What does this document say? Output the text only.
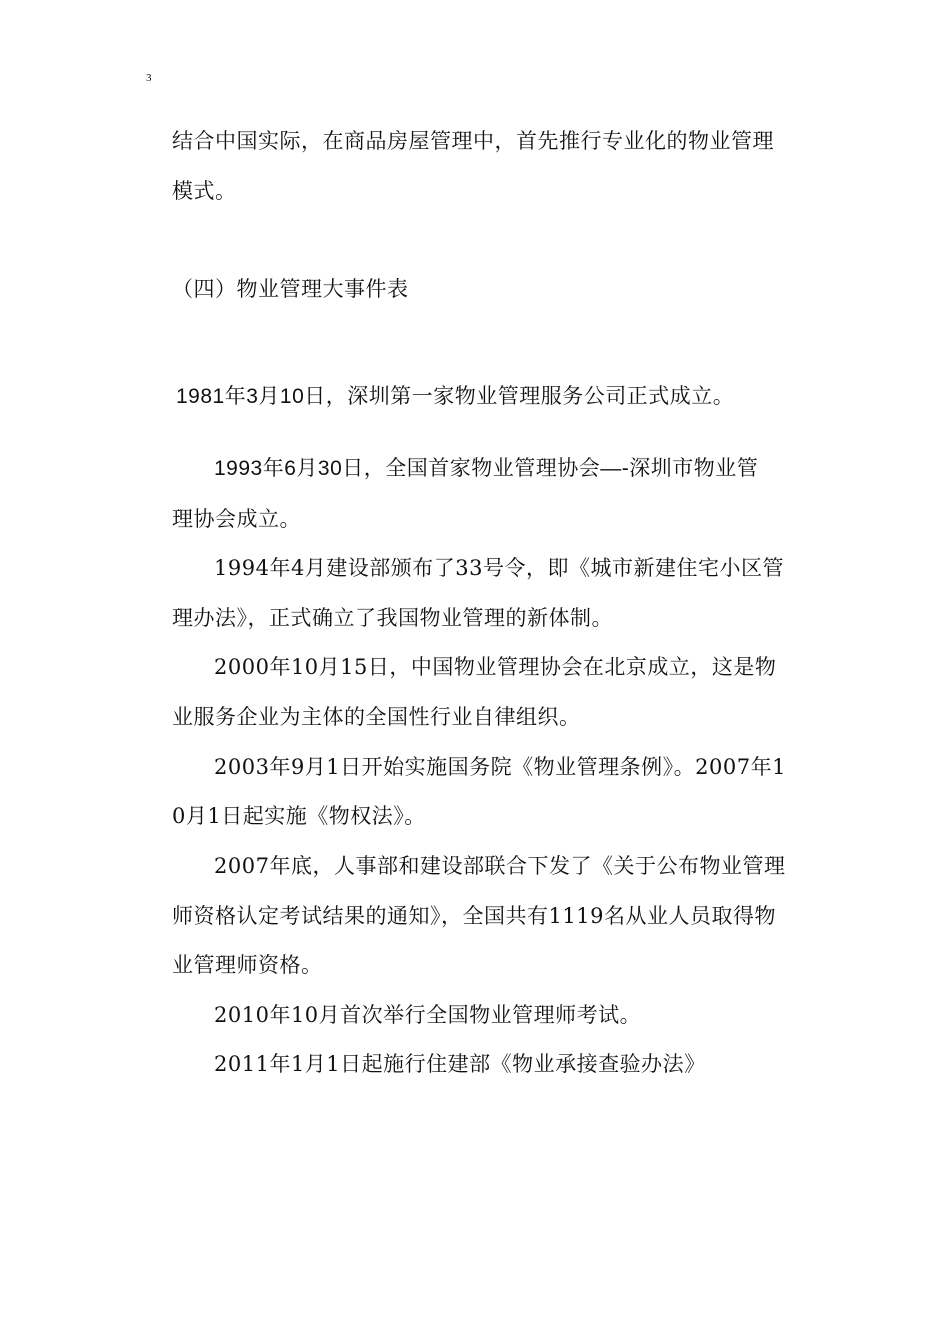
3
结合中国实际，在商品房屋管理中，首先推行专业化的物业管理
模式。
（四）物业管理大事件表
1981年3月10日，深圳第一家物业管理服务公司正式成立。
1993年6月30日，全国首家物业管理协会—-深圳市物业管
理协会成立。
1994年4月建设部颁布了33号令，即《城市新建住宅小区管
理办法》，正式确立了我国物业管理的新体制。
2000年10月15日，中国物业管理协会在北京成立，这是物
业服务企业为主体的全国性行业自律组织。
2003年9月1日开始实施国务院《物业管理条例》。2007年1
0月1日起实施《物权法》。
2007年底，人事部和建设部联合下发了《关于公布物业管理
师资格认定考试结果的通知》，全国共有1119名从业人员取得物
业管理师资格。
2010年10月首次举行全国物业管理师考试。
2011年1月1日起施行住建部《物业承接查验办法》
